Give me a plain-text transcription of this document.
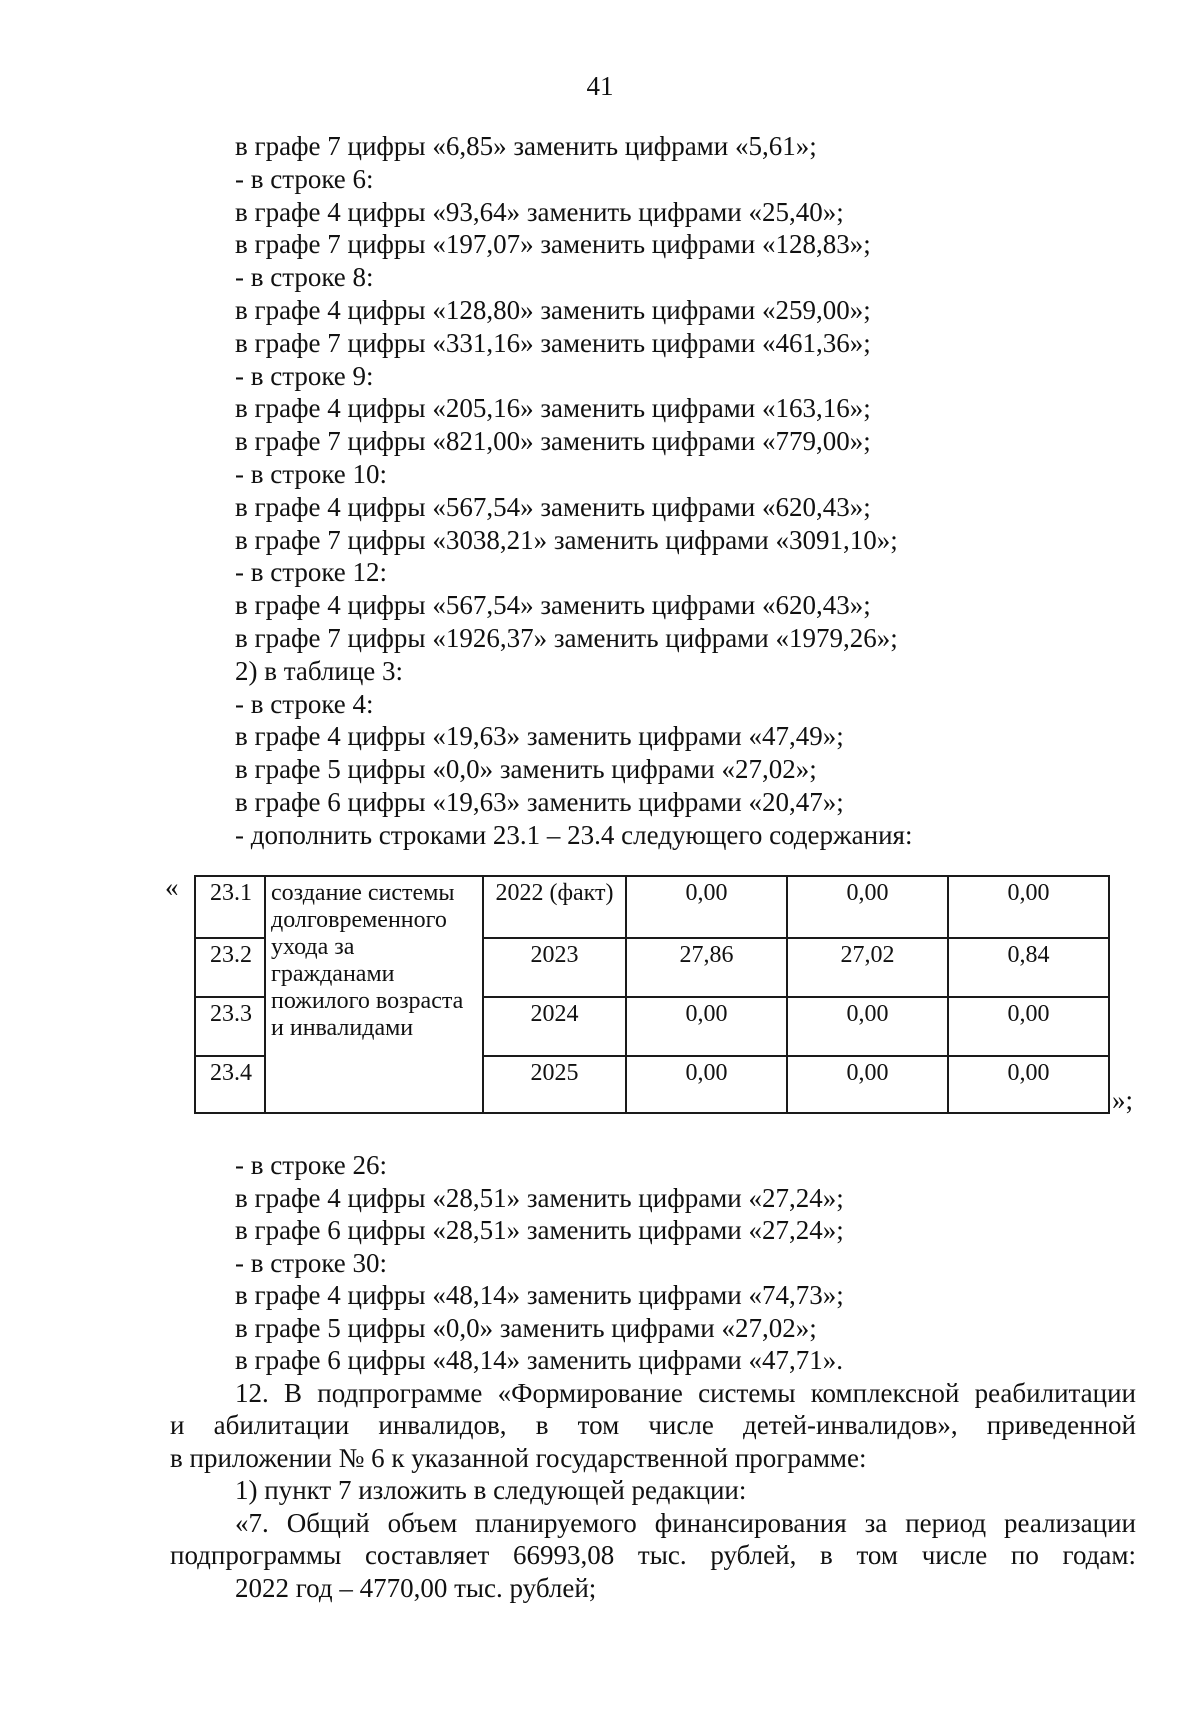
41
в графе 7 цифры «6,85» заменить цифрами «5,61»;
- в строке 6:
в графе 4 цифры «93,64» заменить цифрами «25,40»;
в графе 7 цифры «197,07» заменить цифрами «128,83»;
- в строке 8:
в графе 4 цифры «128,80» заменить цифрами «259,00»;
в графе 7 цифры «331,16» заменить цифрами «461,36»;
- в строке 9:
в графе 4 цифры «205,16» заменить цифрами «163,16»;
в графе 7 цифры «821,00» заменить цифрами «779,00»;
- в строке 10:
в графе 4 цифры «567,54» заменить цифрами «620,43»;
в графе 7 цифры «3038,21» заменить цифрами «3091,10»;
- в строке 12:
в графе 4 цифры «567,54» заменить цифрами «620,43»;
в графе 7 цифры «1926,37» заменить цифрами «1979,26»;
2) в таблице 3:
- в строке 4:
в графе 4 цифры «19,63» заменить цифрами «47,49»;
в графе 5 цифры «0,0» заменить цифрами «27,02»;
в графе 6 цифры «19,63» заменить цифрами «20,47»;
- дополнить строками 23.1 – 23.4 следующего содержания:
« 23.1	создание системы долговременного ухода за гражданами пожилого возраста и инвалидами	2022 (факт)	0,00	0,00	0,00
23.2		2023	27,86	27,02	0,84
23.3		2024	0,00	0,00	0,00
23.4		2025	0,00	0,00	0,00
»;
- в строке 26:
в графе 4 цифры «28,51» заменить цифрами «27,24»;
в графе 6 цифры «28,51» заменить цифрами «27,24»;
- в строке 30:
в графе 4 цифры «48,14» заменить цифрами «74,73»;
в графе 5 цифры «0,0» заменить цифрами «27,02»;
в графе 6 цифры «48,14» заменить цифрами «47,71».
12. В подпрограмме «Формирование системы комплексной реабилитации
и абилитации инвалидов, в том числе детей-инвалидов», приведенной
в приложении № 6 к указанной государственной программе:
1) пункт 7 изложить в следующей редакции:
«7. Общий объем планируемого финансирования за период реализации
подпрограммы составляет 66993,08 тыс. рублей, в том числе по годам:
2022 год – 4770,00 тыс. рублей;
